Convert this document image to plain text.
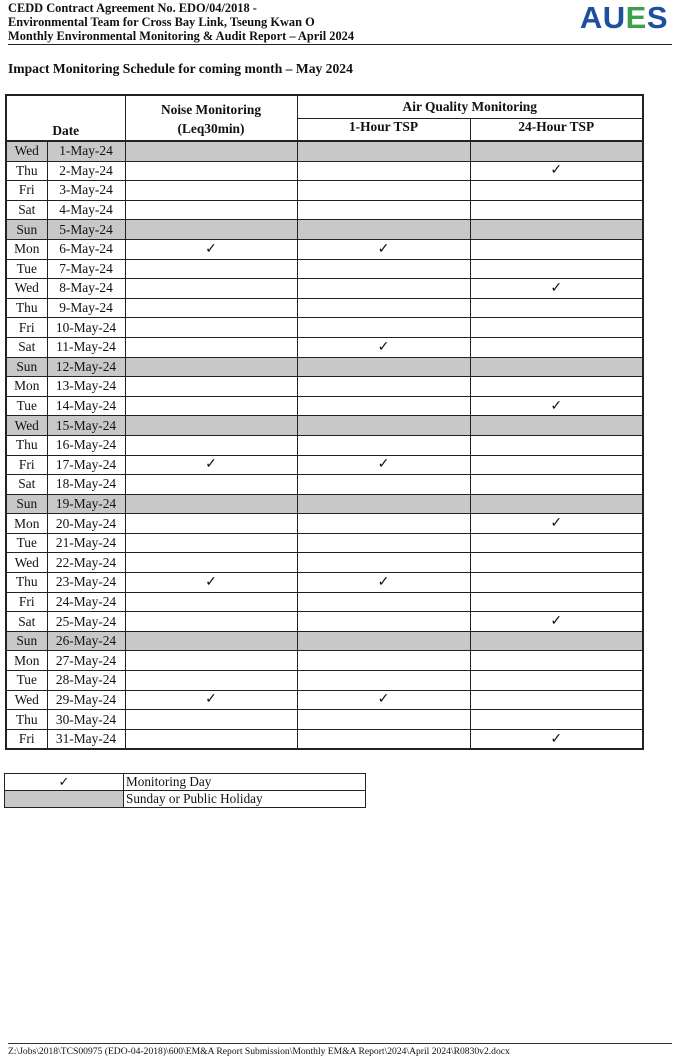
CEDD Contract Agreement No. EDO/04/2018 -
Environmental Team for Cross Bay Link, Tseung Kwan O
Monthly Environmental Monitoring & Audit Report – April 2024
AUES
Impact Monitoring Schedule for coming month – May 2024
Date		Noise Monitoring	Air Quality Monitoring	
		(Leq30min)	1-Hour TSP	24-Hour TSP
Wed	1-May-24			
Thu	2-May-24			✓
Fri	3-May-24			
Sat	4-May-24			
Sun	5-May-24			
Mon	6-May-24	✓	✓	
Tue	7-May-24			
Wed	8-May-24			✓
Thu	9-May-24			
Fri	10-May-24			
Sat	11-May-24		✓	
Sun	12-May-24			
Mon	13-May-24			
Tue	14-May-24			✓
Wed	15-May-24			
Thu	16-May-24			
Fri	17-May-24	✓	✓	
Sat	18-May-24			
Sun	19-May-24			
Mon	20-May-24			✓
Tue	21-May-24			
Wed	22-May-24			
Thu	23-May-24	✓	✓	
Fri	24-May-24			
Sat	25-May-24			✓
Sun	26-May-24			
Mon	27-May-24			
Tue	28-May-24			
Wed	29-May-24	✓	✓	
Thu	30-May-24			
Fri	31-May-24			✓
✓	Monitoring Day
	Sunday or Public Holiday
Z:\Jobs\2018\TCS00975 (EDO-04-2018)\600\EM&A Report Submission\Monthly EM&A Report\2024\April 2024\R0830v2.docx
